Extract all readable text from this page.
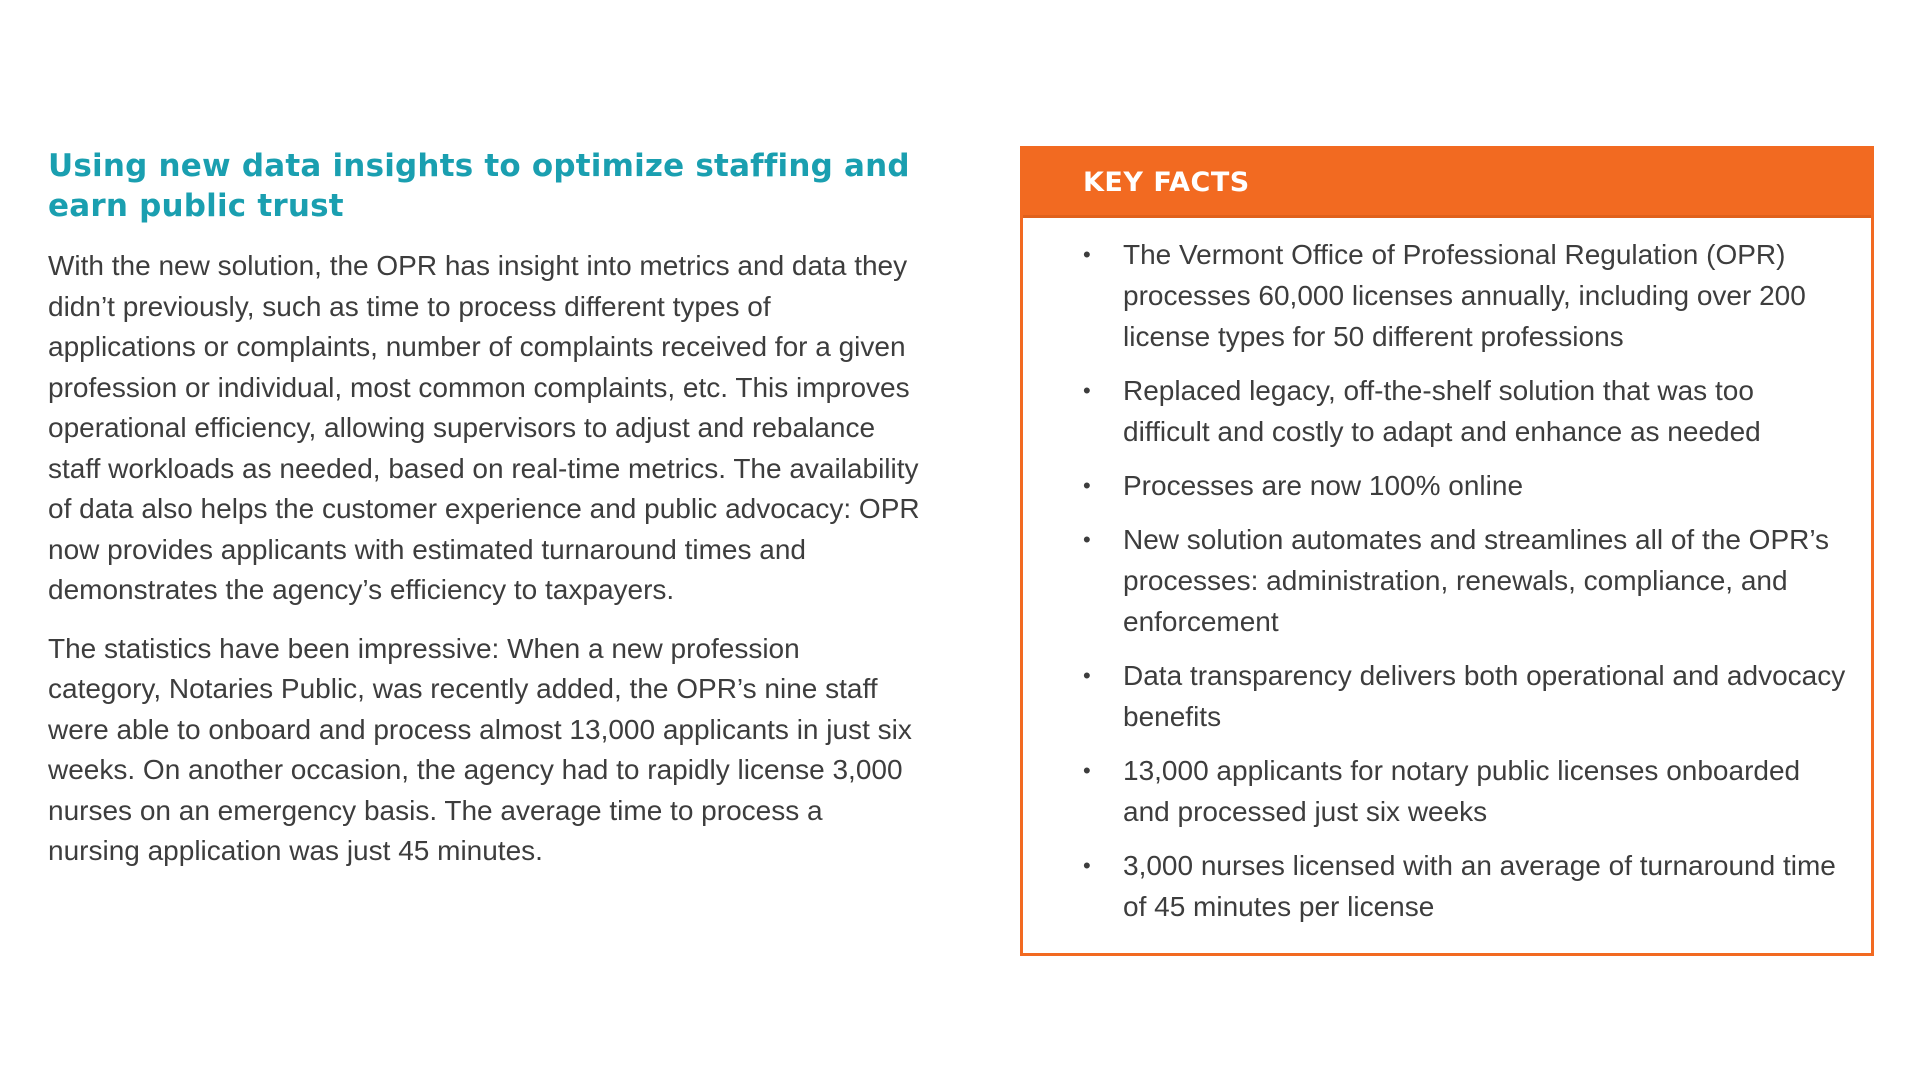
Using new data insights to optimize staffing and earn public trust

With the new solution, the OPR has insight into metrics and data they didn’t previously, such as time to process different types of applications or complaints, number of complaints received for a given profession or individual, most common complaints, etc. This improves operational efficiency, allowing supervisors to adjust and rebalance staff workloads as needed, based on real-time metrics. The availability of data also helps the customer experience and public advocacy: OPR now provides applicants with estimated turnaround times and demonstrates the agency’s efficiency to taxpayers.

The statistics have been impressive: When a new profession category, Notaries Public, was recently added, the OPR’s nine staff were able to onboard and process almost 13,000 applicants in just six weeks. On another occasion, the agency had to rapidly license 3,000 nurses on an emergency basis. The average time to process a nursing application was just 45 minutes.

KEY FACTS
• The Vermont Office of Professional Regulation (OPR) processes 60,000 licenses annually, including over 200 license types for 50 different professions
• Replaced legacy, off-the-shelf solution that was too difficult and costly to adapt and enhance as needed
• Processes are now 100% online
• New solution automates and streamlines all of the OPR’s processes: administration, renewals, compliance, and enforcement
• Data transparency delivers both operational and advocacy benefits
• 13,000 applicants for notary public licenses onboarded and processed just six weeks
• 3,000 nurses licensed with an average of turnaround time of 45 minutes per license
